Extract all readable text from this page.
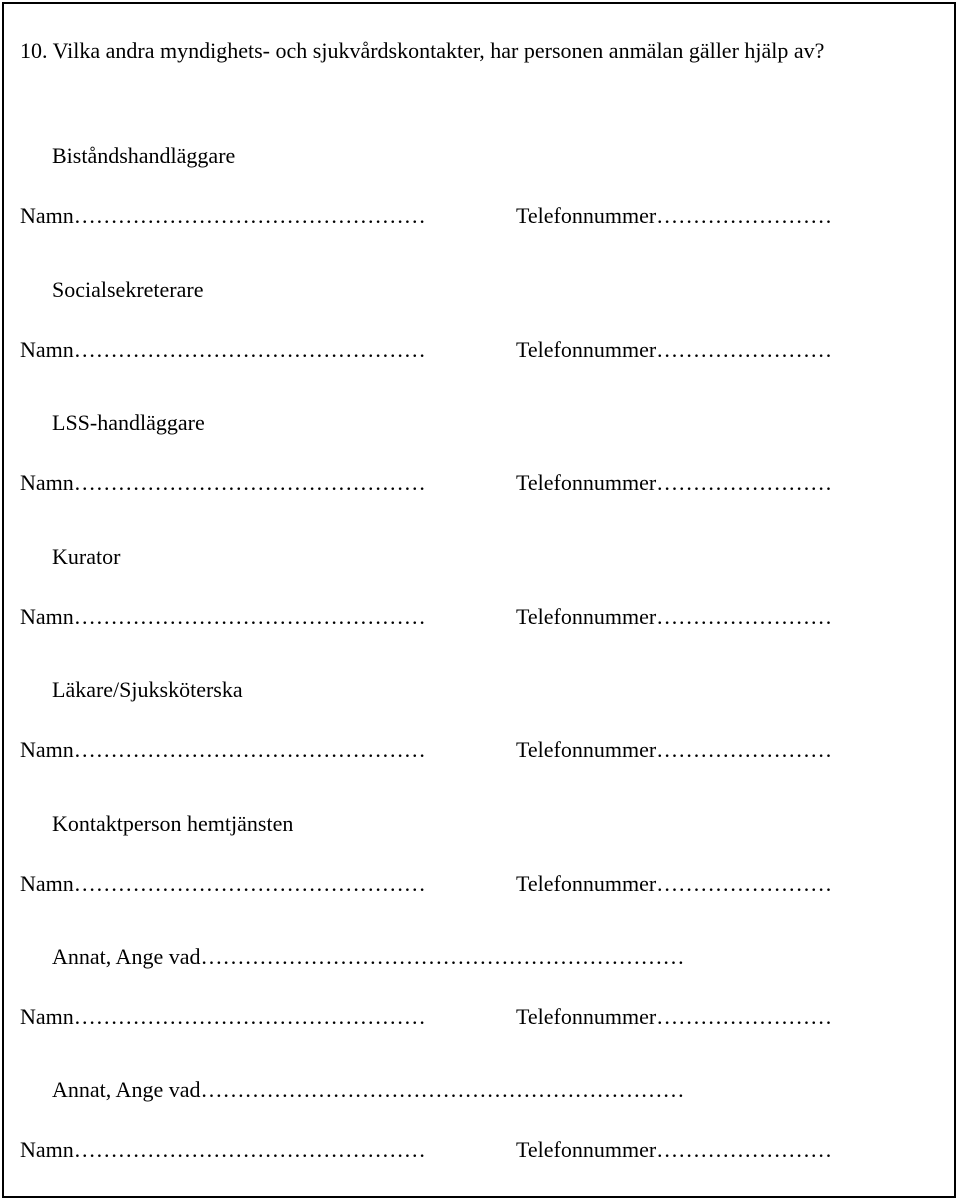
10. Vilka andra myndighets- och sjukvårdskontakter, har personen anmälan gäller hjälp av?
Biståndshandläggare
Namn…………………………………………	Telefonnummer……………………
Socialsekreterare
Namn…………………………………………	Telefonnummer……………………
LSS-handläggare
Namn…………………………………………	Telefonnummer……………………
Kurator
Namn…………………………………………	Telefonnummer……………………
Läkare/Sjuksköterska
Namn…………………………………………	Telefonnummer……………………
Kontaktperson hemtjänsten
Namn…………………………………………	Telefonnummer……………………
Annat, Ange vad…………………………………………………………
Namn…………………………………………	Telefonnummer……………………
Annat, Ange vad…………………………………………………………
Namn…………………………………………	Telefonnummer……………………
